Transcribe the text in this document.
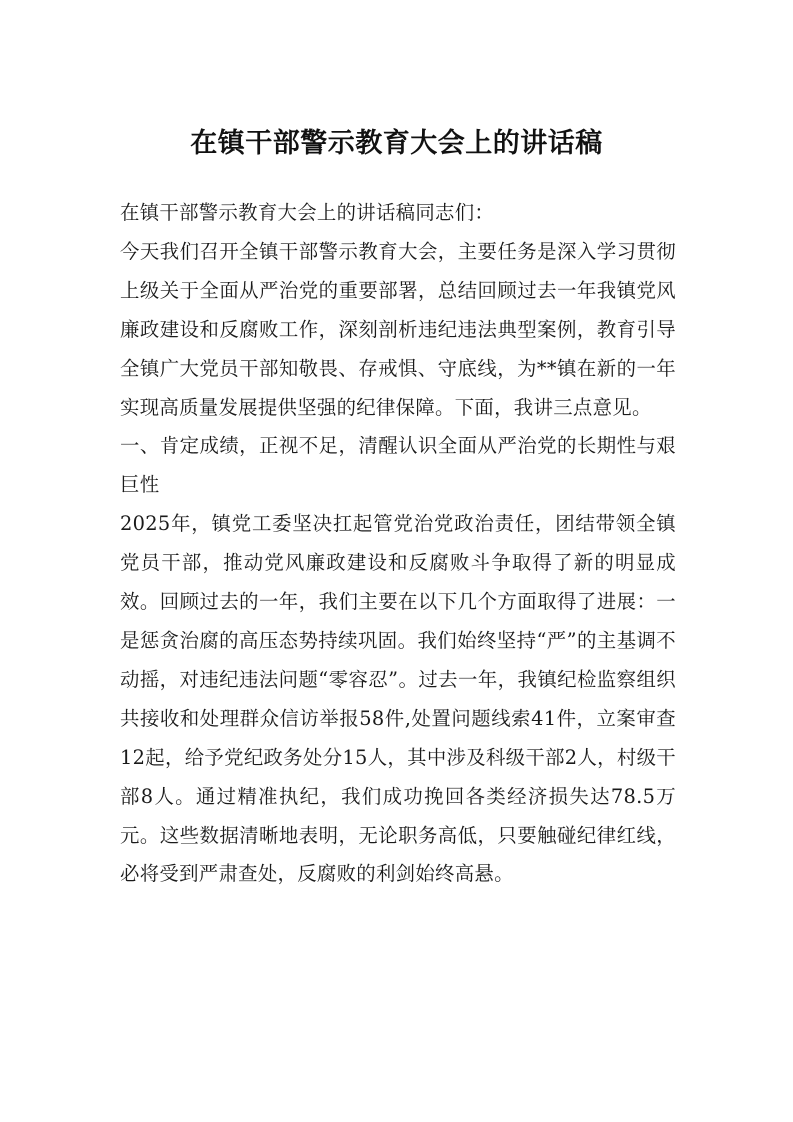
在镇干部警示教育大会上的讲话稿

在镇干部警示教育大会上的讲话稿同志们：

今天我们召开全镇干部警示教育大会，主要任务是深入学习贯彻上级关于全面从严治党的重要部署，总结回顾过去一年我镇党风廉政建设和反腐败工作，深刻剖析违纪违法典型案例，教育引导全镇广大党员干部知敬畏、存戒惧、守底线，为**镇在新的一年实现高质量发展提供坚强的纪律保障。下面，我讲三点意见。

一、肯定成绩，正视不足，清醒认识全面从严治党的长期性与艰巨性

2025年，镇党工委坚决扛起管党治党政治责任，团结带领全镇党员干部，推动党风廉政建设和反腐败斗争取得了新的明显成效。回顾过去的一年，我们主要在以下几个方面取得了进展：一是惩贪治腐的高压态势持续巩固。我们始终坚持“严”的主基调不动摇，对违纪违法问题“零容忍”。过去一年，我镇纪检监察组织共接收和处理群众信访举报58件,处置问题线索41件，立案审查12起，给予党纪政务处分15人，其中涉及科级干部2人，村级干部8人。通过精准执纪，我们成功挽回各类经济损失达78.5万元。这些数据清晰地表明，无论职务高低，只要触碰纪律红线，必将受到严肃查处，反腐败的利剑始终高悬。
